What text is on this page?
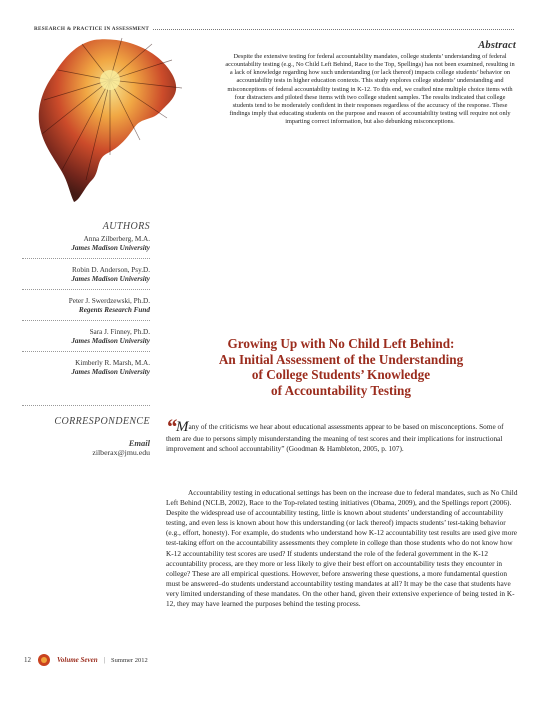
RESEARCH & PRACTICE IN ASSESSMENT
Abstract

Despite the extensive testing for federal accountability mandates, college students’ understanding of federal accountability testing (e.g., No Child Left Behind, Race to the Top, Spellings) has not been examined, resulting in a lack of knowledge regarding how such understanding (or lack thereof) impacts college students’ behavior on accountability tests in higher education contexts. This study explores college students’ understanding and misconceptions of federal accountability testing in K-12. To this end, we crafted nine multiple choice items with four distracters and piloted these items with two college student samples. The results indicated that college students tend to be moderately confident in their responses regardless of the accuracy of the response. These findings imply that educating students on the purpose and reason of accountability testing will require not only imparting correct information, but also debunking misconceptions.

AUTHORS
Anna Zilberberg, M.A.
James Madison University
Robin D. Anderson, Psy.D.
James Madison University
Peter J. Swerdzewski, Ph.D.
Regents Research Fund
Sara J. Finney, Ph.D.
James Madison University
Kimberly R. Marsh, M.A.
James Madison University
CORRESPONDENCE
Email
zilberax@jmu.edu
Growing Up with No Child Left Behind:
An Initial Assessment of the Understanding
of College Students’ Knowledge
of Accountability Testing
“Many of the criticisms we hear about educational assessments appear to be based on misconceptions. Some of them are due to persons simply misunderstanding the meaning of test scores and their implications for instructional improvement and school accountability” (Goodman & Hambleton, 2005, p. 107).

Accountability testing in educational settings has been on the increase due to federal mandates, such as No Child Left Behind (NCLB, 2002), Race to the Top-related testing initiatives (Obama, 2009), and the Spellings report (2006). Despite the widespread use of accountability testing, little is known about students’ understanding of accountability testing, and even less is known about how this understanding (or lack thereof) impacts students’ test-taking behavior (e.g., effort, honesty). For example, do students who understand how K-12 accountability test results are used give more test-taking effort on the accountability assessments they complete in college than those students who do not know how K-12 accountability test scores are used? If students understand the role of the federal government in the K-12 accountability process, are they more or less likely to give their best effort on accountability tests they encounter in college? These are all empirical questions. However, before answering these questions, a more fundamental question must be answered–do students understand accountability testing mandates at all? It may be the case that students have very limited understanding of these mandates. On the other hand, given their extensive experience of being tested in K-12, they may have learned the purposes behind the testing process.

12	Volume Seven | Summer 2012
